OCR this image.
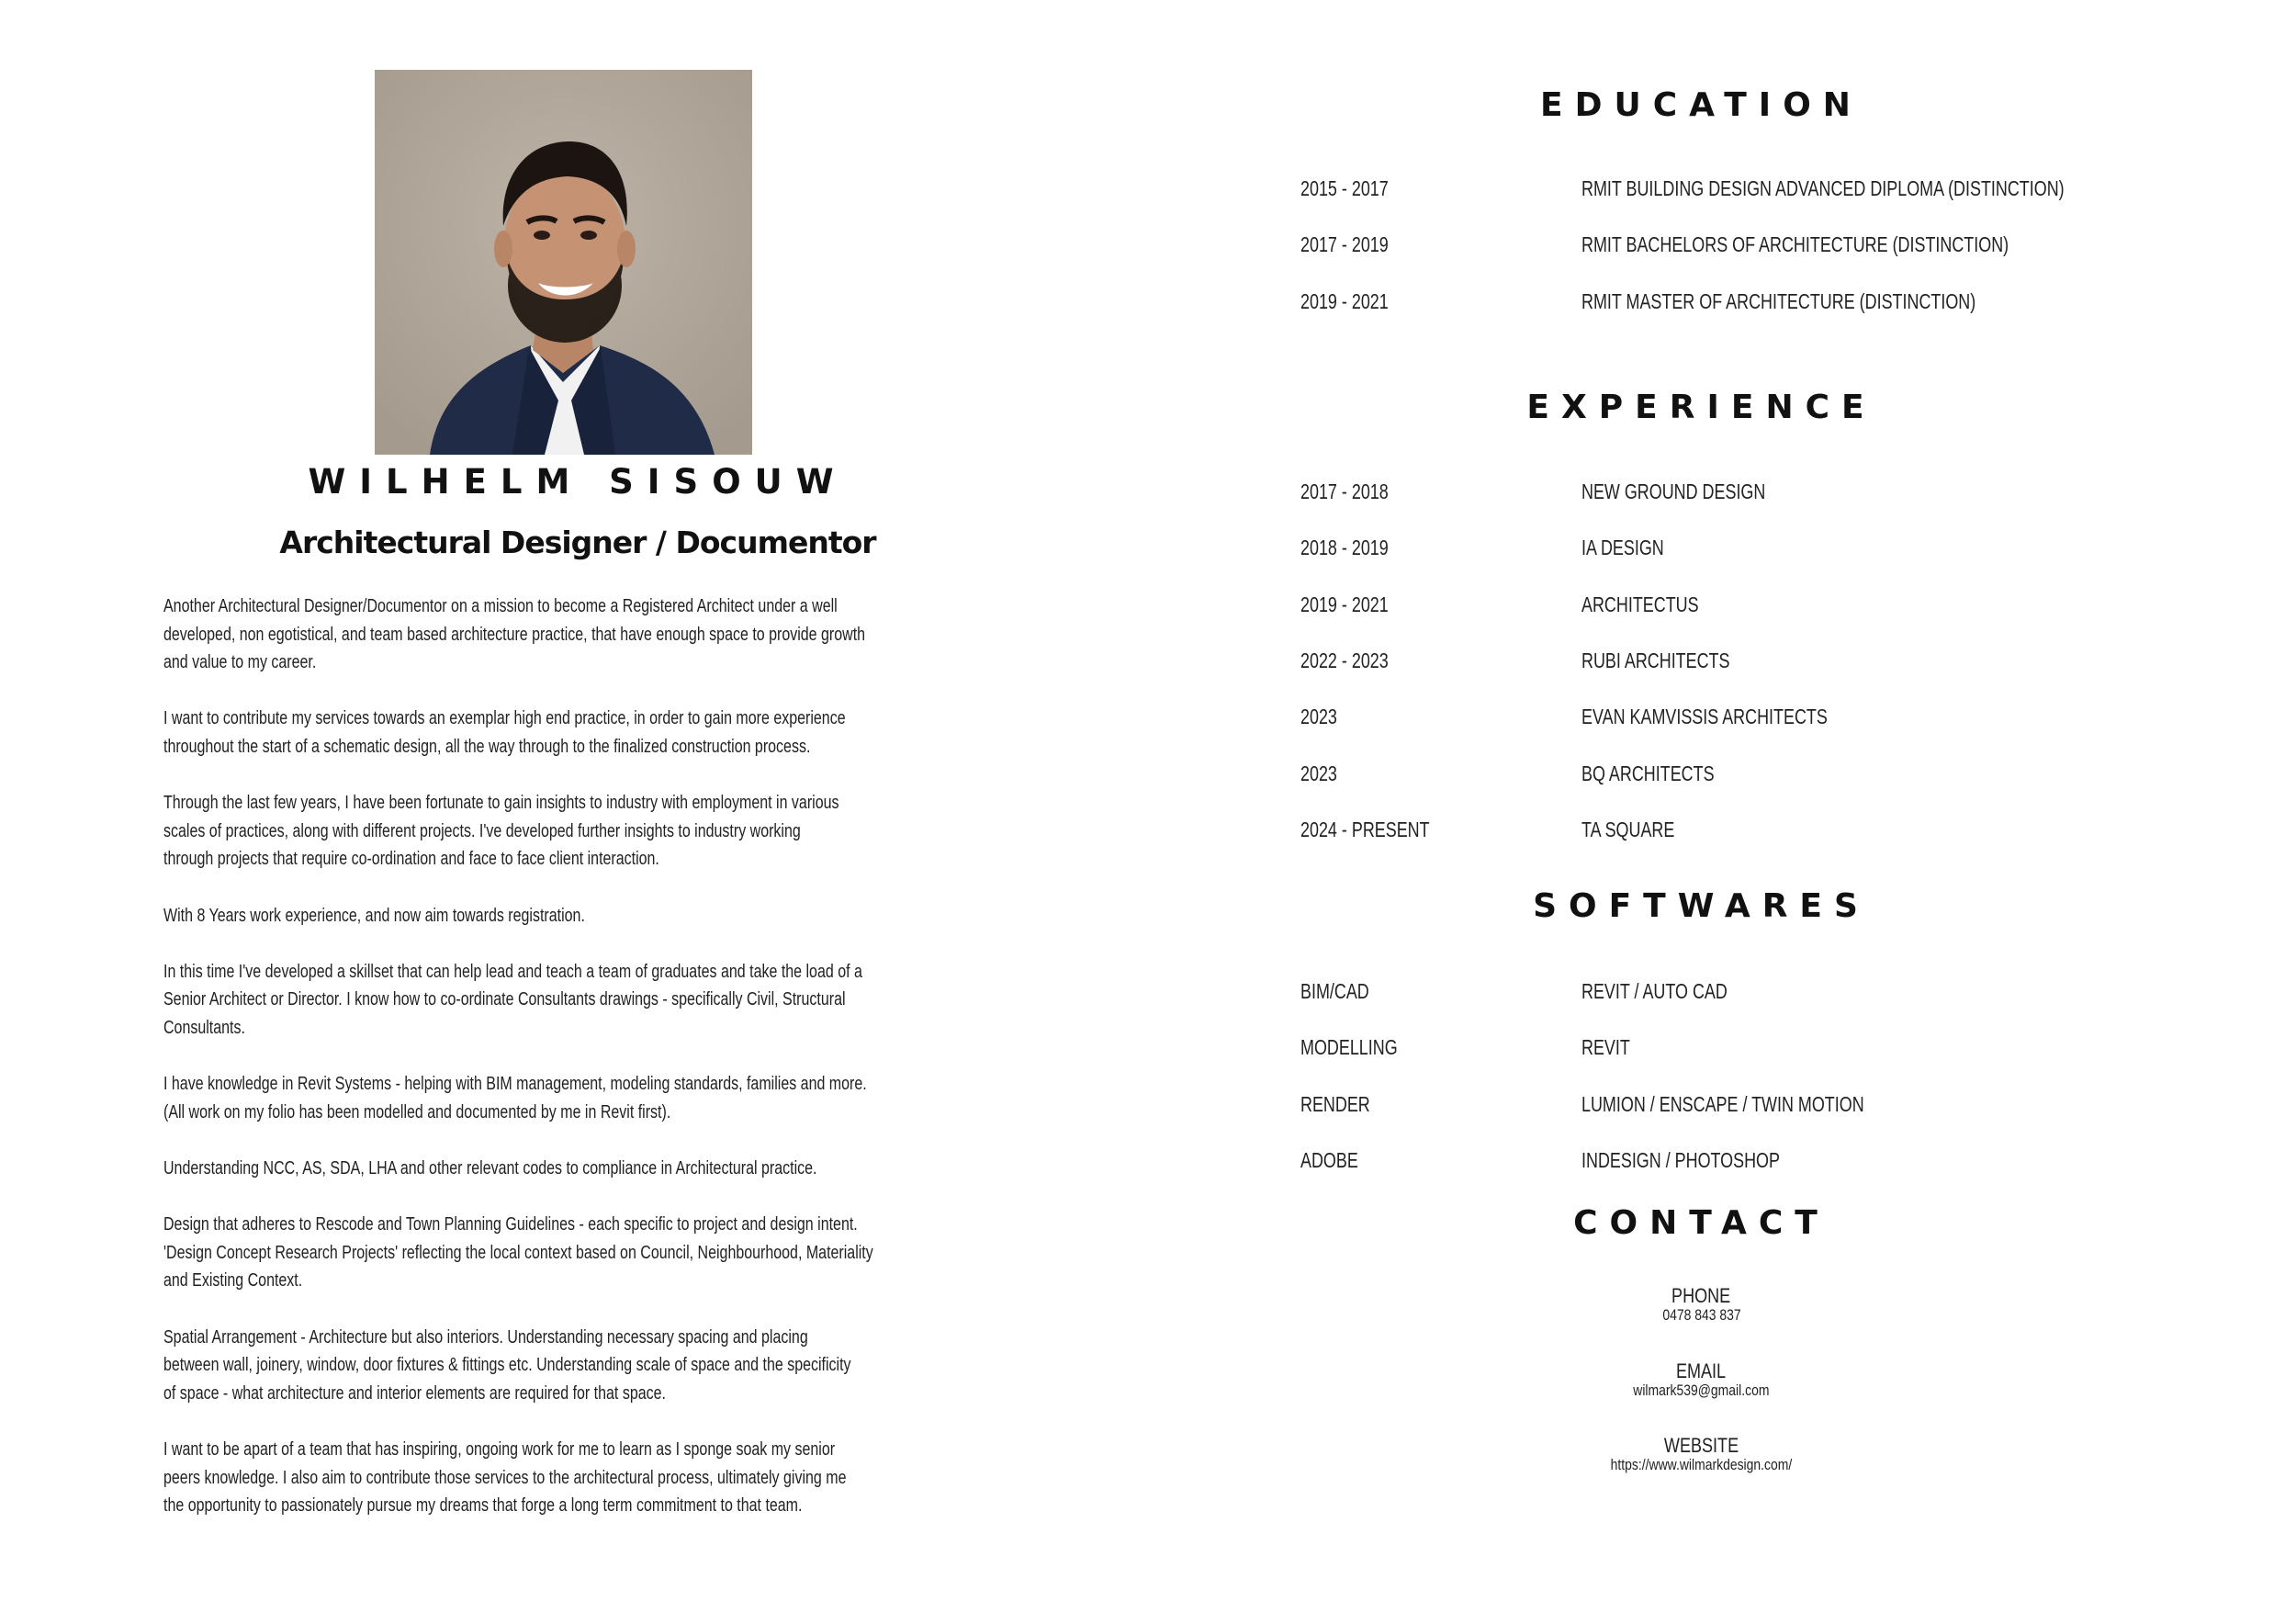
WILHELM SISOUW
Architectural Designer / Documentor
Another Architectural Designer/Documentor on a mission to become a Registered Architect under a well
developed, non egotistical, and team based architecture practice, that have enough space to provide growth
and value to my career.
I want to contribute my services towards an exemplar high end practice, in order to gain more experience
throughout the start of a schematic design, all the way through to the finalized construction process.
Through the last few years, I have been fortunate to gain insights to industry with employment in various
scales of practices, along with different projects. I've developed further insights to industry working
through projects that require co-ordination and face to face client interaction.
With 8 Years work experience, and now aim towards registration.
In this time I've developed a skillset that can help lead and teach a team of graduates and take the load of a
Senior Architect or Director. I know how to co-ordinate Consultants drawings - specifically Civil, Structural
Consultants.
I have knowledge in Revit Systems - helping with BIM management, modeling standards, families and more.
(All work on my folio has been modelled and documented by me in Revit first).
Understanding NCC, AS, SDA, LHA and other relevant codes to compliance in Architectural practice.
Design that adheres to Rescode and Town Planning Guidelines - each specific to project and design intent.
'Design Concept Research Projects' reflecting the local context based on Council, Neighbourhood, Materiality
and Existing Context.
Spatial Arrangement - Architecture but also interiors. Understanding necessary spacing and placing
between wall, joinery, window, door fixtures & fittings etc. Understanding scale of space and the specificity
of space - what architecture and interior elements are required for that space.
I want to be apart of a team that has inspiring, ongoing work for me to learn as I sponge soak my senior
peers knowledge. I also aim to contribute those services to the architectural process, ultimately giving me
the opportunity to passionately pursue my dreams that forge a long term commitment to that team.
EDUCATION
2015 - 2017	RMIT BUILDING DESIGN ADVANCED DIPLOMA (DISTINCTION)
2017 - 2019	RMIT BACHELORS OF ARCHITECTURE (DISTINCTION)
2019 - 2021	RMIT MASTER OF ARCHITECTURE (DISTINCTION)
EXPERIENCE
2017 - 2018	NEW GROUND DESIGN
2018 - 2019	IA DESIGN
2019 - 2021	ARCHITECTUS
2022 - 2023	RUBI ARCHITECTS
2023	EVAN KAMVISSIS ARCHITECTS
2023	BQ ARCHITECTS
2024 - PRESENT	TA SQUARE
SOFTWARES
BIM/CAD	REVIT / AUTO CAD
MODELLING	REVIT
RENDER	LUMION / ENSCAPE / TWIN MOTION
ADOBE	INDESIGN / PHOTOSHOP
CONTACT
PHONE
0478 843 837
EMAIL
wilmark539@gmail.com
WEBSITE
https://www.wilmarkdesign.com/
